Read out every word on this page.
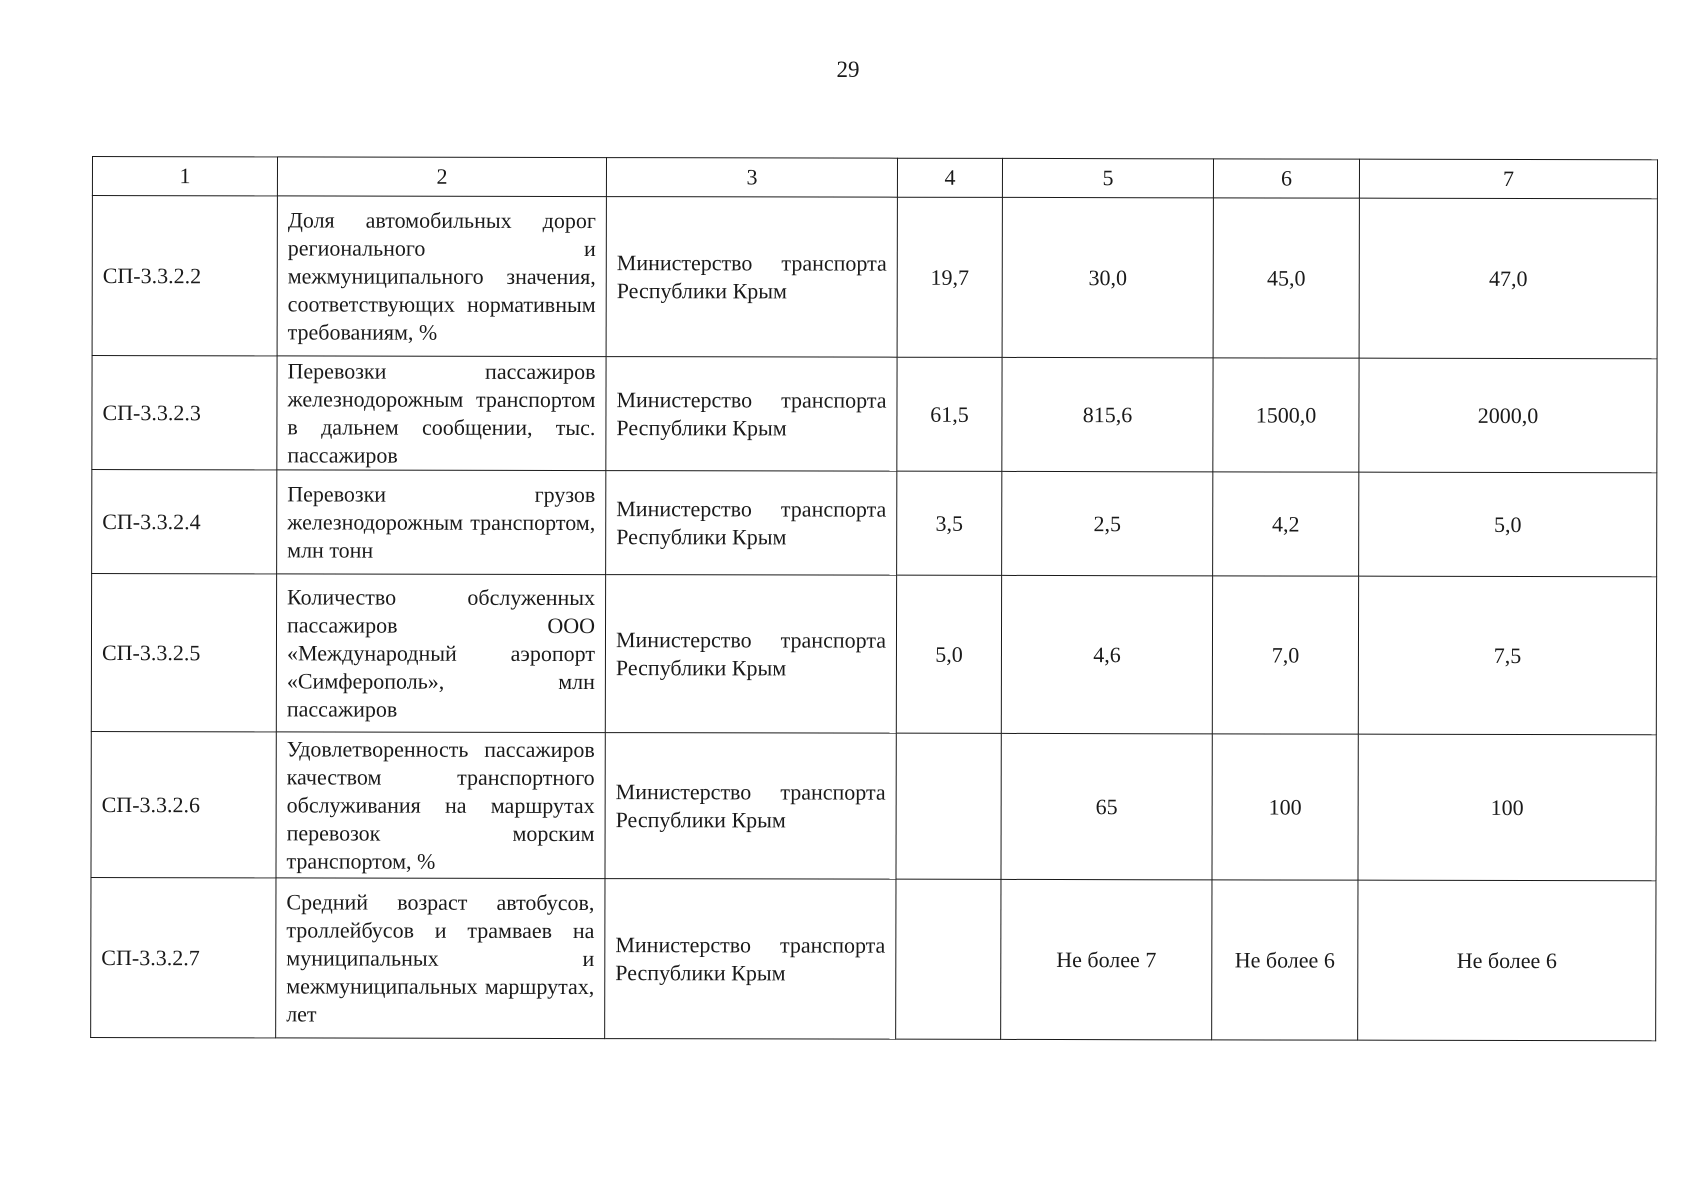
29
1	2	3	4	5	6	7
СП-3.3.2.2	Доля автомобильных дорог регионального и межмуниципального значения, соответствующих нормативным требованиям, %	Министерство транспорта Республики Крым	19,7	30,0	45,0	47,0
СП-3.3.2.3	Перевозки пассажиров железнодорожным транспортом в дальнем сообщении, тыс. пассажиров	Министерство транспорта Республики Крым	61,5	815,6	1500,0	2000,0
СП-3.3.2.4	Перевозки грузов железнодорожным транспортом, млн тонн	Министерство транспорта Республики Крым	3,5	2,5	4,2	5,0
СП-3.3.2.5	Количество обслуженных пассажиров ООО «Международный аэропорт «Симферополь», млн пассажиров	Министерство транспорта Республики Крым	5,0	4,6	7,0	7,5
СП-3.3.2.6	Удовлетворенность пассажиров качеством транспортного обслуживания на маршрутах перевозок морским транспортом, %	Министерство транспорта Республики Крым		65	100	100
СП-3.3.2.7	Средний возраст автобусов, троллейбусов и трамваев на муниципальных и межмуниципальных маршрутах, лет	Министерство транспорта Республики Крым		Не более 7	Не более 6	Не более 6
